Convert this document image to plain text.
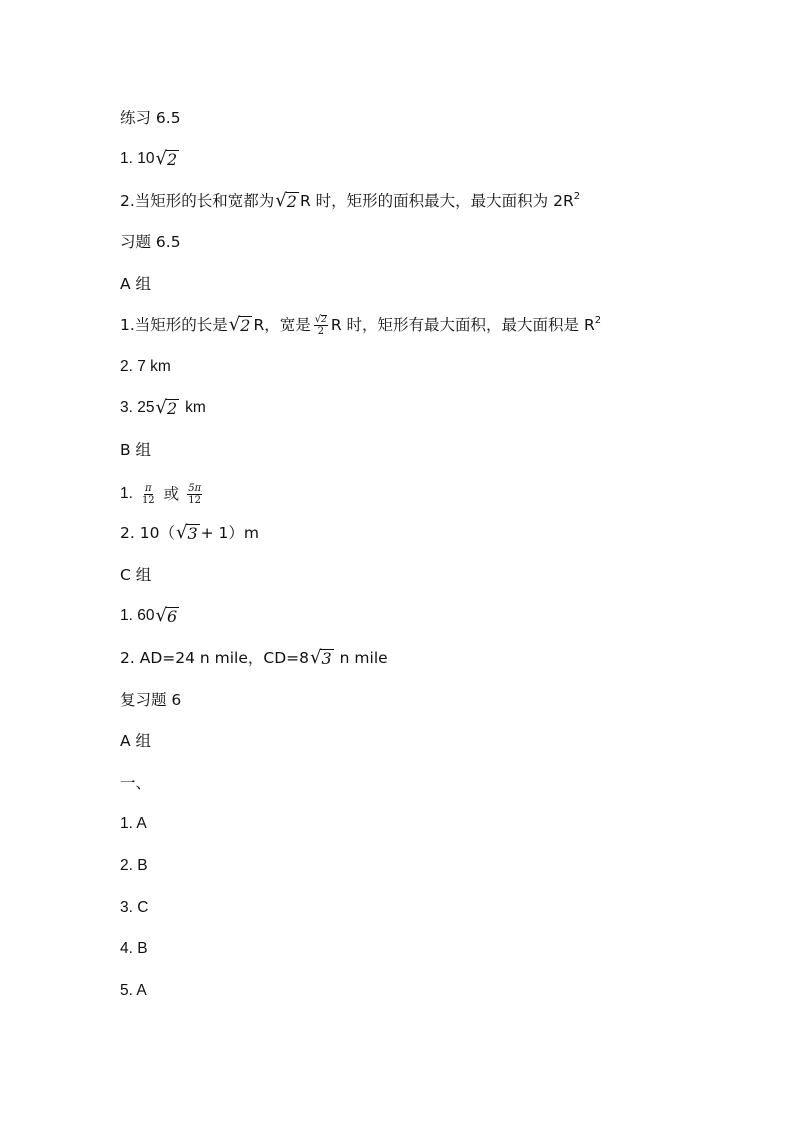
练习 6.5
1. 10 √ 2
2.当矩形的长和宽都为 √ 2 R 时，矩形的面积最大，最大面积为 $2R^2$
习题 6.5
A 组
1.当矩形的长是 √ 2 R，宽是 $\frac{√ 2}{2}$ R 时，矩形有最大面积，最大面积是 $R^2$
2. 7 km
3. 25 √ 2 km
B 组
1. $\frac{\pi}{12}$ 或 $\frac{5\pi}{12}$
2. 10（ √ 3 + 1）m
C 组
1. 60 √ 6
2. AD=24 n mile，CD=8 √ 3 n mile
复习题 6
A 组
一、
1. A
2. B
3. C
4. B
5. A
